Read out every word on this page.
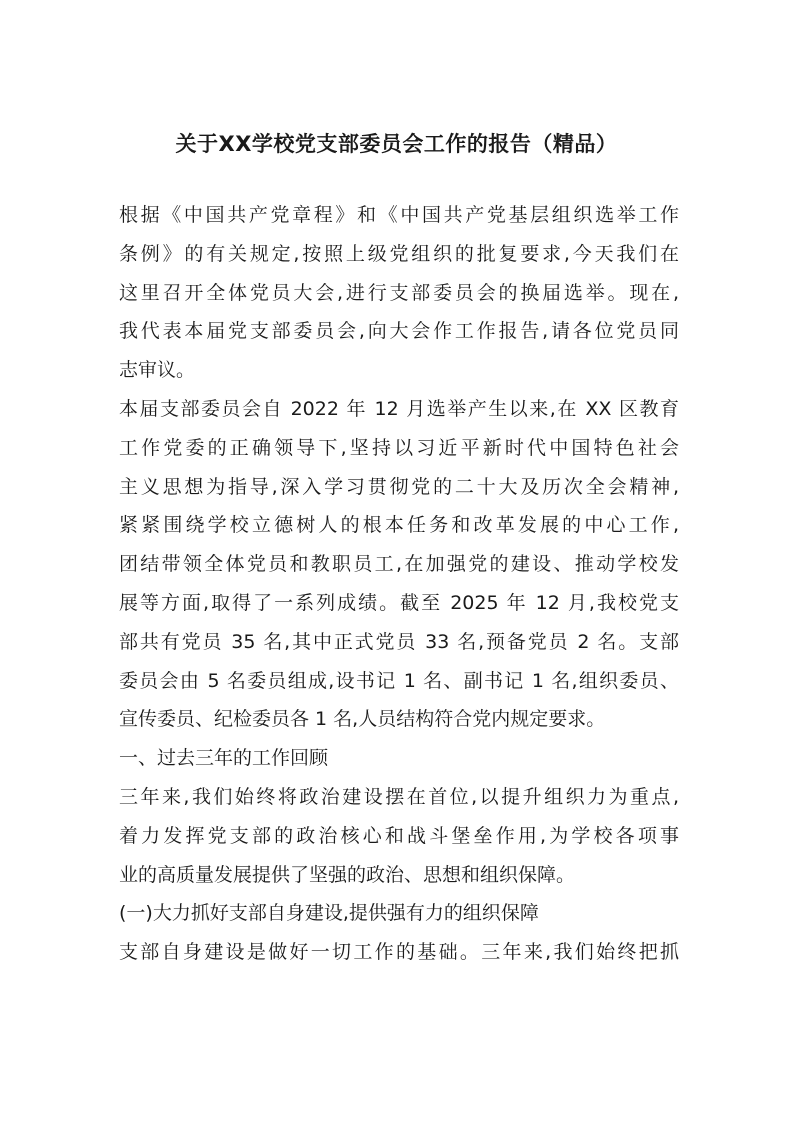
关于XX学校党支部委员会工作的报告（精品）
根据《中国共产党章程》和《中国共产党基层组织选举工作
条例》的有关规定,按照上级党组织的批复要求,今天我们在
这里召开全体党员大会,进行支部委员会的换届选举。现在,
我代表本届党支部委员会,向大会作工作报告,请各位党员同
志审议。
本届支部委员会自 2022 年 12 月选举产生以来,在 XX 区教育
工作党委的正确领导下,坚持以习近平新时代中国特色社会
主义思想为指导,深入学习贯彻党的二十大及历次全会精神,
紧紧围绕学校立德树人的根本任务和改革发展的中心工作,
团结带领全体党员和教职员工,在加强党的建设、推动学校发
展等方面,取得了一系列成绩。截至 2025 年 12 月,我校党支
部共有党员 35 名,其中正式党员 33 名,预备党员 2 名。支部
委员会由 5 名委员组成,设书记 1 名、副书记 1 名,组织委员、
宣传委员、纪检委员各 1 名,人员结构符合党内规定要求。
一、过去三年的工作回顾
三年来,我们始终将政治建设摆在首位,以提升组织力为重点,
着力发挥党支部的政治核心和战斗堡垒作用,为学校各项事
业的高质量发展提供了坚强的政治、思想和组织保障。
(一)大力抓好支部自身建设,提供强有力的组织保障
支部自身建设是做好一切工作的基础。三年来,我们始终把抓
